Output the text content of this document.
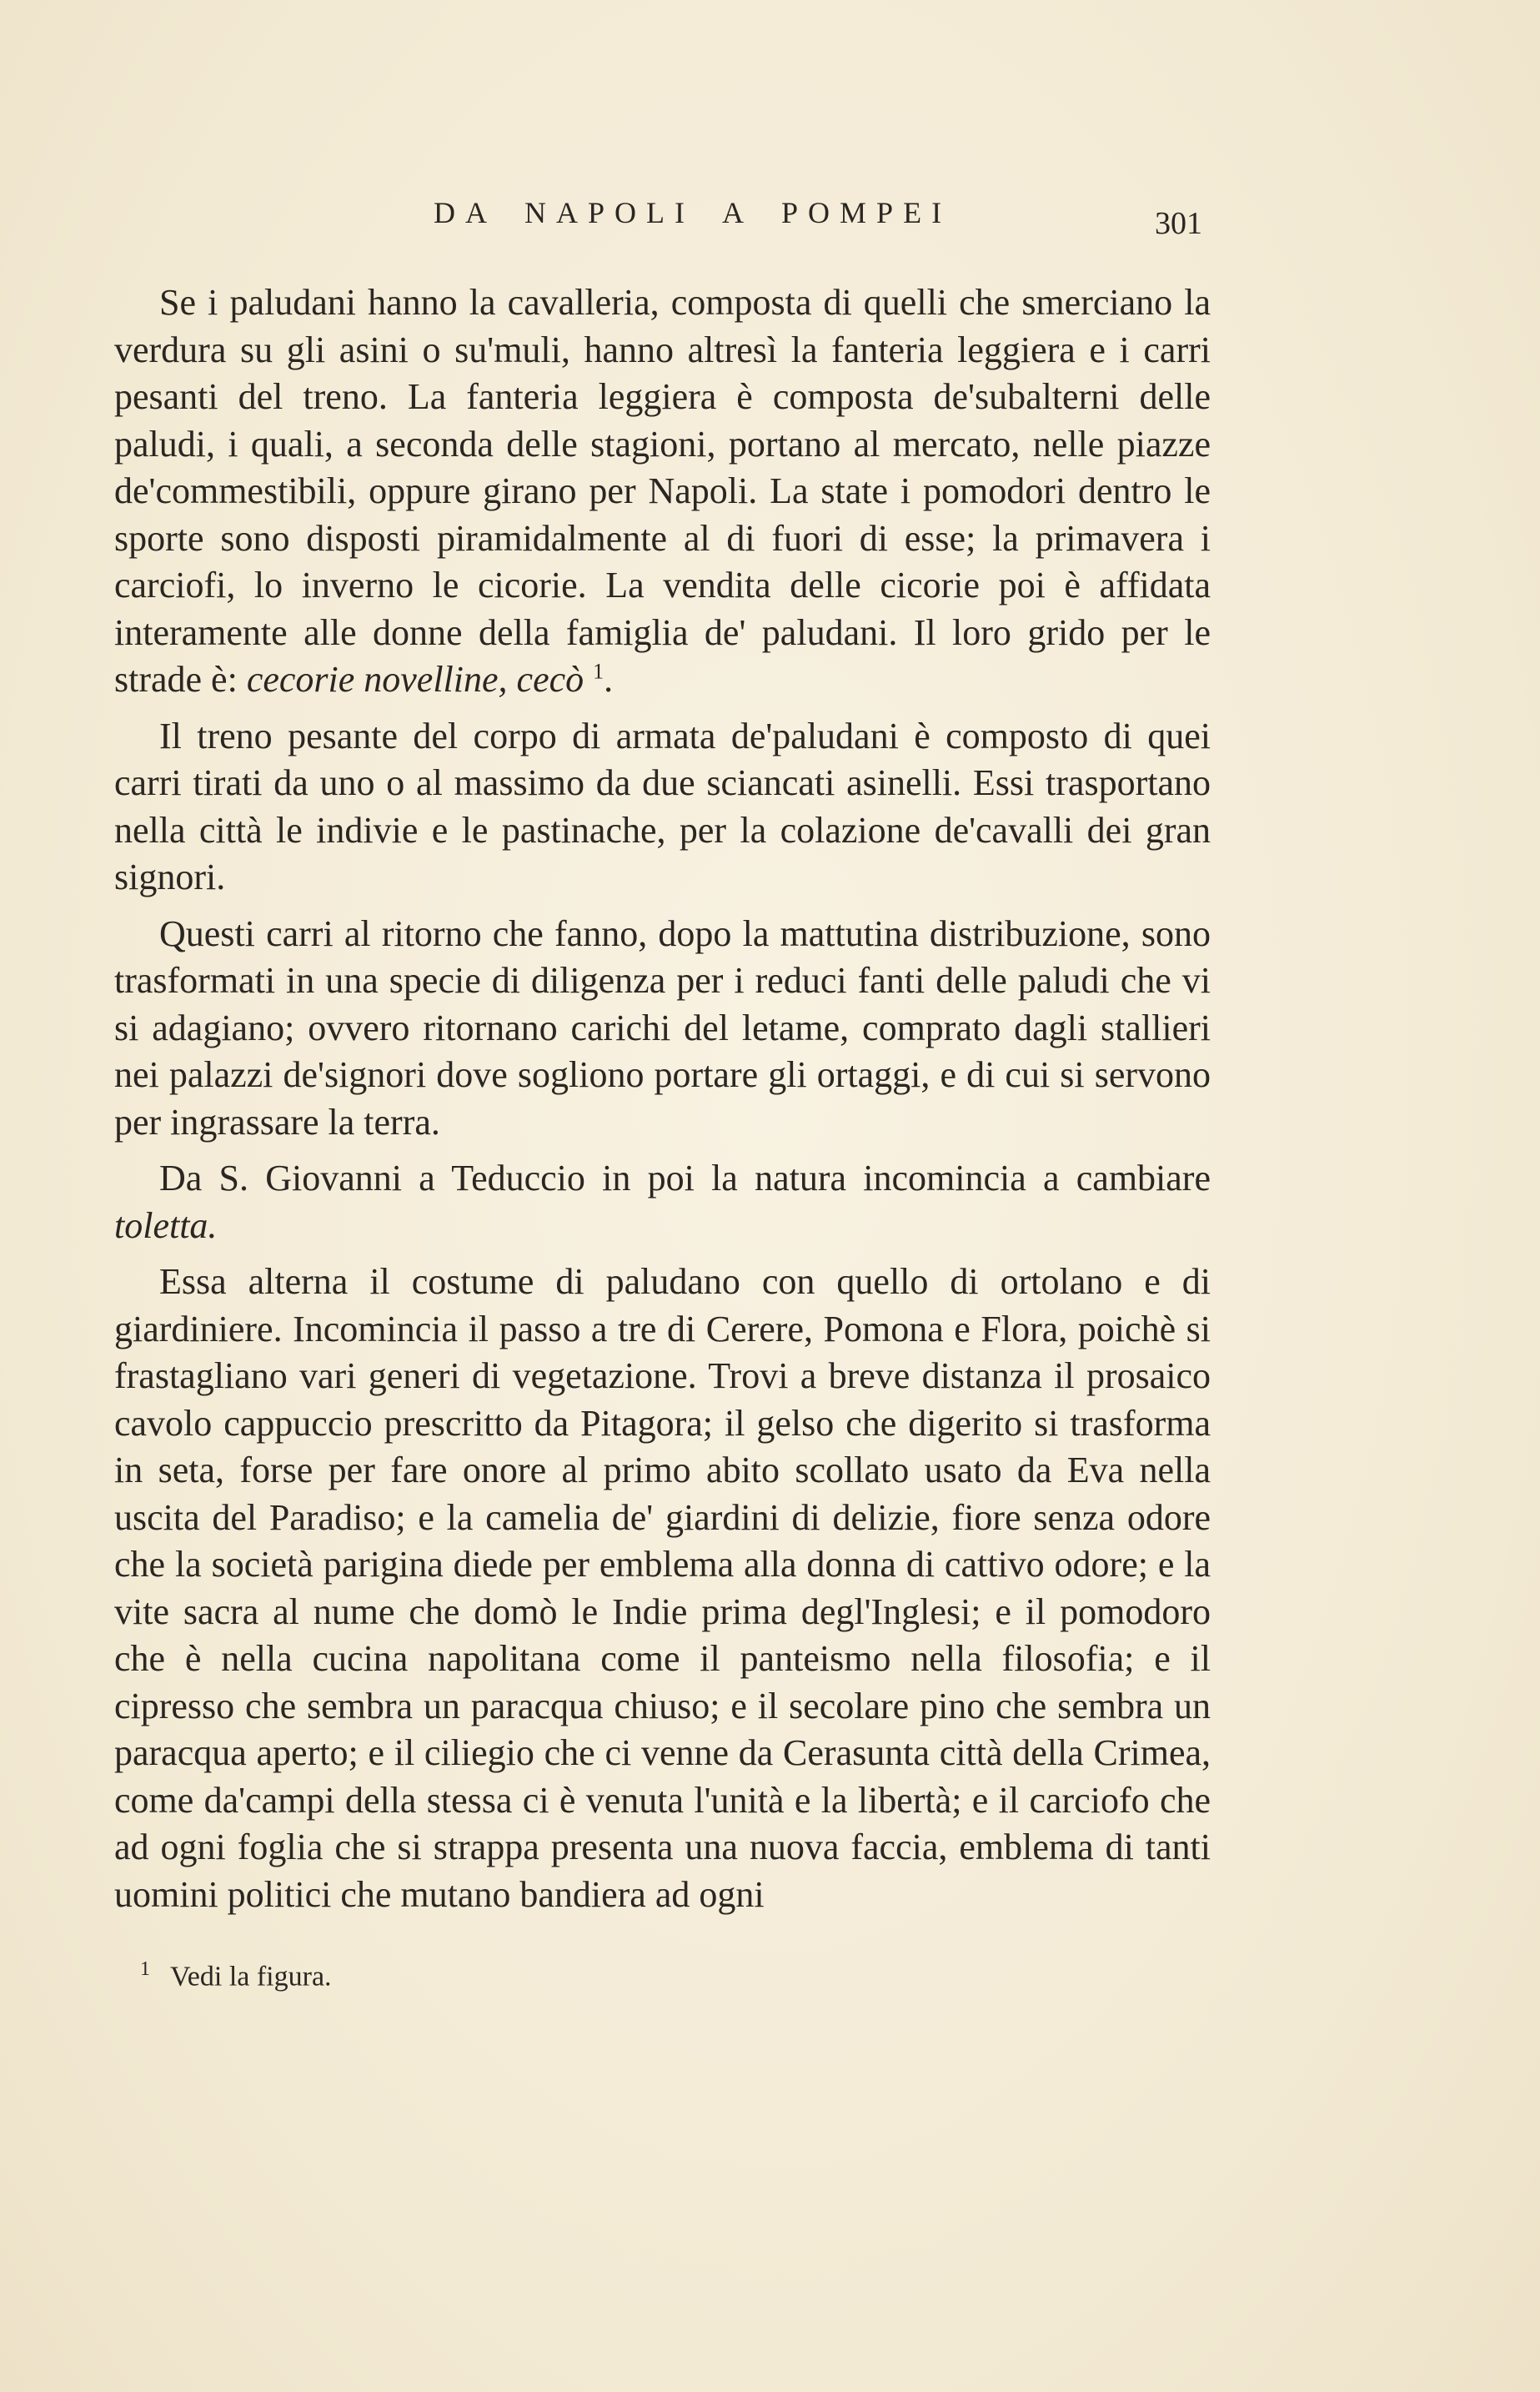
DA NAPOLI A POMPEI	301

Se i paludani hanno la cavalleria, composta di quelli che smerciano la verdura su gli asini o su'muli, hanno altresì la fanteria leggiera e i carri pesanti del treno. La fanteria leggiera è composta de'subalterni delle paludi, i quali, a seconda delle stagioni, portano al mercato, nelle piazze de'commestibili, oppure girano per Napoli. La state i pomodori dentro le sporte sono disposti piramidalmente al di fuori di esse; la primavera i carciofi, lo inverno le cicorie. La vendita delle cicorie poi è affidata interamente alle donne della famiglia de' paludani. Il loro grido per le strade è: cecorie novelline, cecò $^1$.

Il treno pesante del corpo di armata de'paludani è composto di quei carri tirati da uno o al massimo da due sciancati asinelli. Essi trasportano nella città le indivie e le pastinache, per la colazione de'cavalli dei gran signori.

Questi carri al ritorno che fanno, dopo la mattutina distribuzione, sono trasformati in una specie di diligenza per i reduci fanti delle paludi che vi si adagiano; ovvero ritornano carichi del letame, comprato dagli stallieri nei palazzi de'signori dove sogliono portare gli ortaggi, e di cui si servono per ingrassare la terra.

Da S. Giovanni a Teduccio in poi la natura incomincia a cambiare toletta.

Essa alterna il costume di paludano con quello di ortolano e di giardiniere. Incomincia il passo a tre di Cerere, Pomona e Flora, poichè si frastagliano vari generi di vegetazione. Trovi a breve distanza il prosaico cavolo cappuccio prescritto da Pitagora; il gelso che digerito si trasforma in seta, forse per fare onore al primo abito scollato usato da Eva nella uscita del Paradiso; e la camelia de' giardini di delizie, fiore senza odore che la società parigina diede per emblema alla donna di cattivo odore; e la vite sacra al nume che domò le Indie prima degl'Inglesi; e il pomodoro che è nella cucina napolitana come il panteismo nella filosofia; e il cipresso che sembra un paracqua chiuso; e il secolare pino che sembra un paracqua aperto; e il ciliegio che ci venne da Cerasunta città della Crimea, come da'campi della stessa ci è venuta l'unità e la libertà; e il carciofo che ad ogni foglia che si strappa presenta una nuova faccia, emblema di tanti uomini politici che mutano bandiera ad ogni

$^1$ Vedi la figura.
